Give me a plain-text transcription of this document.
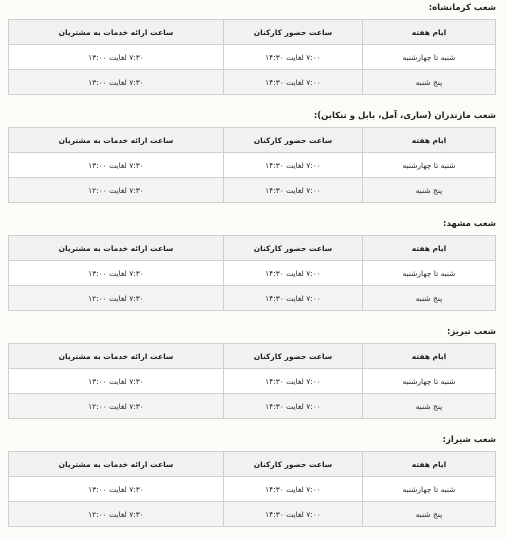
شعب کرمانشاه:
ایام هفته	ساعت حضور کارکنان	ساعت ارائه خدمات به مشتریان
شنبه تا چهارشنبه	۷:۰۰ لغایت ۱۴:۳۰	۷:۳۰ لغایت ۱۳:۰۰
پنج شنبه	۷:۰۰ لغایت ۱۴:۳۰	۷:۳۰ لغایت ۱۳:۰۰
شعب مازندران (ساری، آمل، بابل و تنکابن):
ایام هفته	ساعت حضور کارکنان	ساعت ارائه خدمات به مشتریان
شنبه تا چهارشنبه	۷:۰۰ لغایت ۱۴:۳۰	۷:۳۰ لغایت ۱۳:۰۰
پنج شنبه	۷:۰۰ لغایت ۱۴:۳۰	۷:۳۰ لغایت ۱۲:۰۰
شعب مشهد:
ایام هفته	ساعت حضور کارکنان	ساعت ارائه خدمات به مشتریان
شنبه تا چهارشنبه	۷:۰۰ لغایت ۱۴:۳۰	۷:۳۰ لغایت ۱۳:۰۰
پنج شنبه	۷:۰۰ لغایت ۱۴:۳۰	۷:۳۰ لغایت ۱۲:۰۰
شعب تبریز:
ایام هفته	ساعت حضور کارکنان	ساعت ارائه خدمات به مشتریان
شنبه تا چهارشنبه	۷:۰۰ لغایت ۱۴:۳۰	۷:۳۰ لغایت ۱۳:۰۰
پنج شنبه	۷:۰۰ لغایت ۱۴:۳۰	۷:۳۰ لغایت ۱۲:۰۰
شعب شیراز:
ایام هفته	ساعت حضور کارکنان	ساعت ارائه خدمات به مشتریان
شنبه تا چهارشنبه	۷:۰۰ لغایت ۱۴:۳۰	۷:۳۰ لغایت ۱۳:۰۰
پنج شنبه	۷:۰۰ لغایت ۱۴:۳۰	۷:۳۰ لغایت ۱۲:۰۰
